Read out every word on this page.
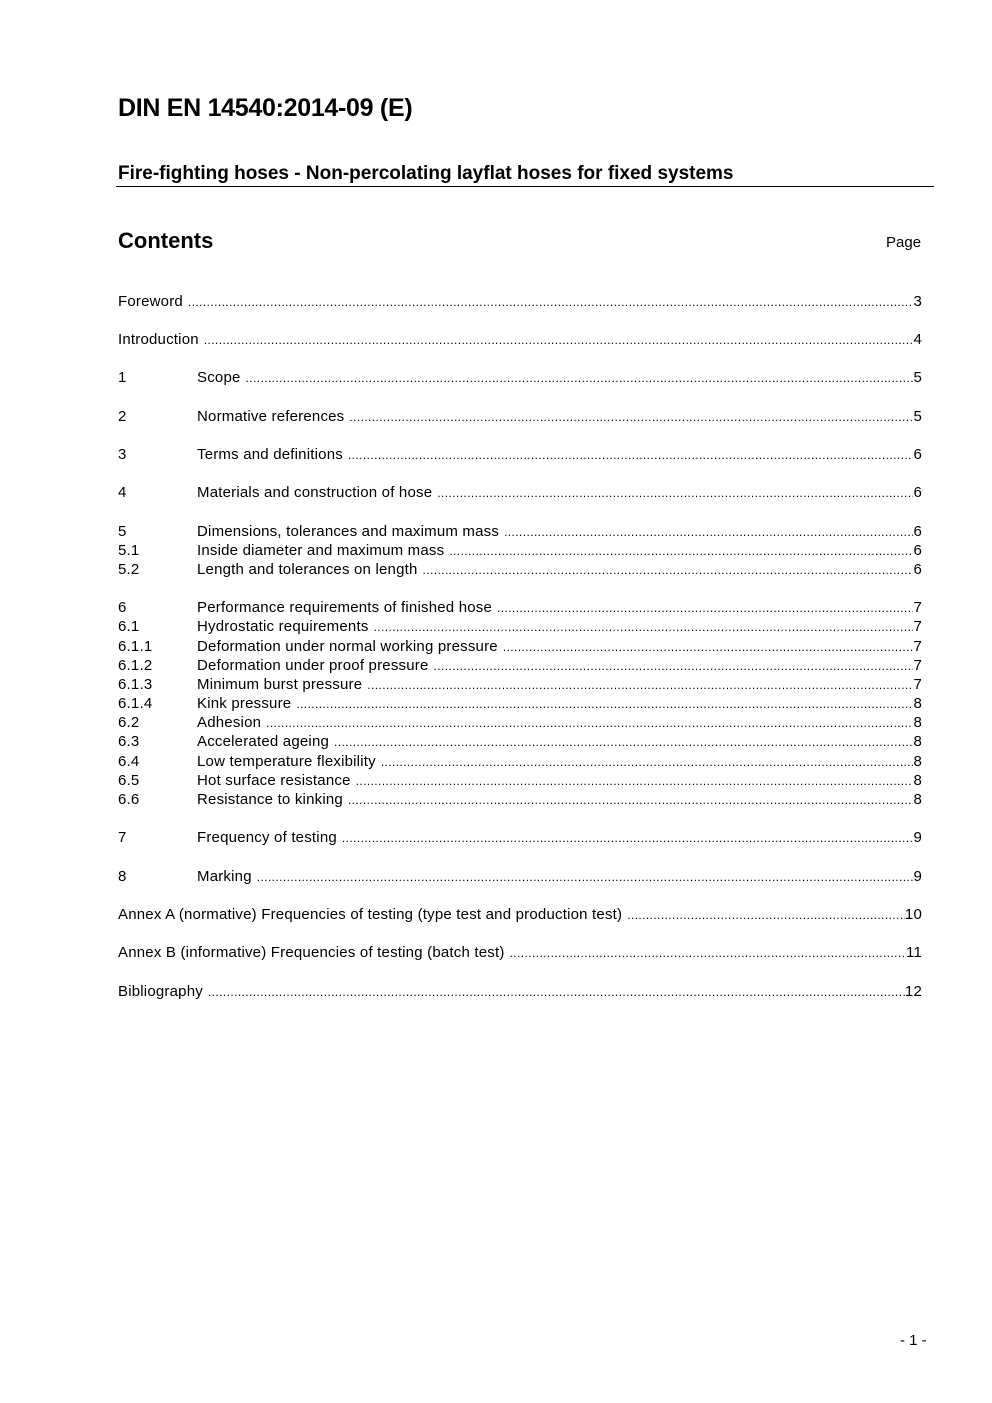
DIN EN 14540:2014-09 (E)
Fire-fighting hoses - Non-percolating layflat hoses for fixed systems
Contents	Page
Foreword .....	3
Introduction .....	4
1	Scope .....	5
2	Normative references .....	5
3	Terms and definitions .....	6
4	Materials and construction of hose .....	6
5	Dimensions, tolerances and maximum mass .....	6
5.1	Inside diameter and maximum mass .....	6
5.2	Length and tolerances on length .....	6
6	Performance requirements of finished hose .....	7
6.1	Hydrostatic requirements .....	7
6.1.1	Deformation under normal working pressure .....	7
6.1.2	Deformation under proof pressure .....	7
6.1.3	Minimum burst pressure .....	7
6.1.4	Kink pressure .....	8
6.2	Adhesion .....	8
6.3	Accelerated ageing .....	8
6.4	Low temperature flexibility .....	8
6.5	Hot surface resistance .....	8
6.6	Resistance to kinking .....	8
7	Frequency of testing .....	9
8	Marking .....	9
Annex A (normative) Frequencies of testing (type test and production test) .....	10
Annex B (informative) Frequencies of testing (batch test) .....	11
Bibliography .....	12
- 1 -
